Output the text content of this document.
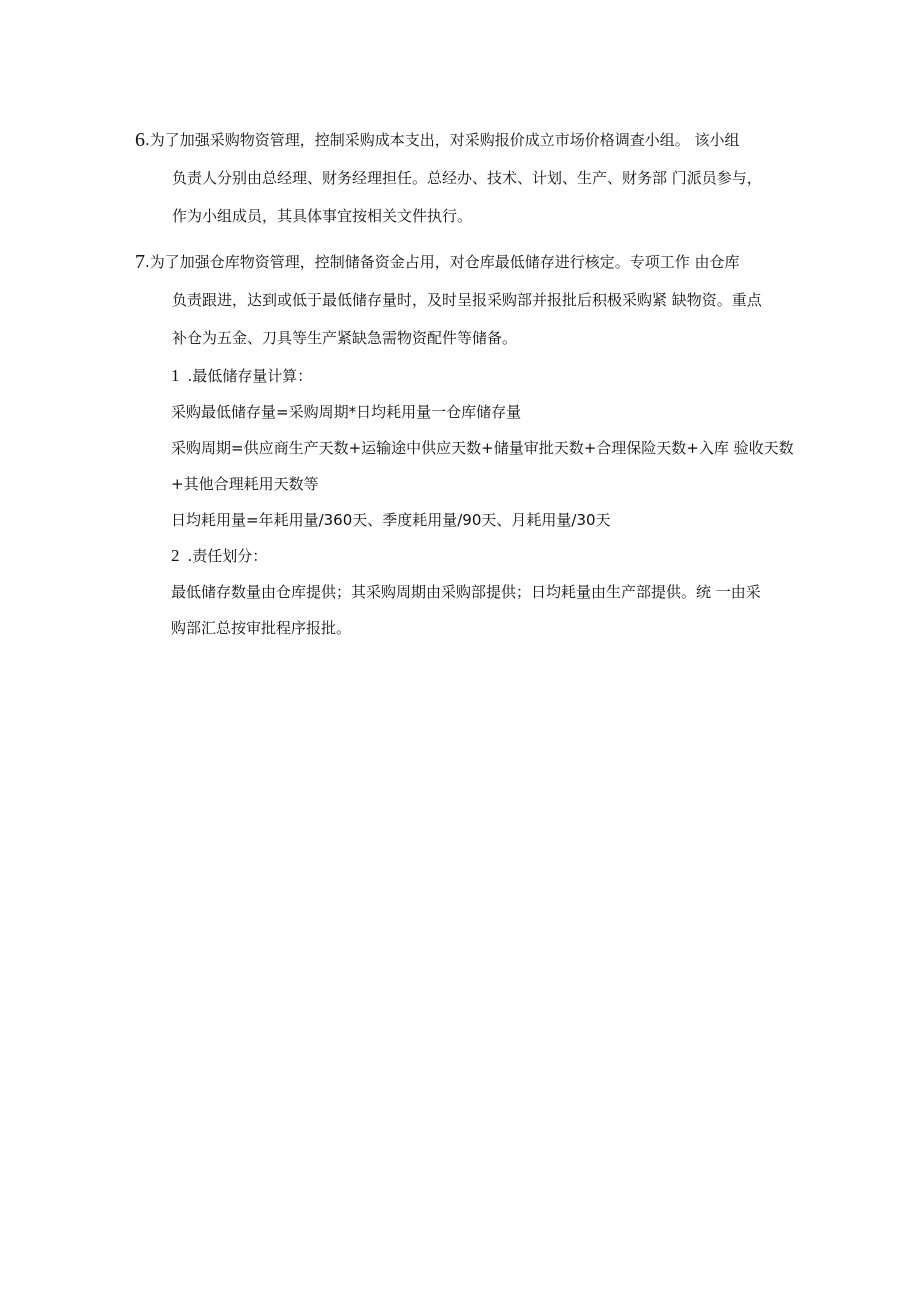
6 .为了加强采购物资管理，控制采购成本支出，对采购报价成立市场价格调查小组。 该小组
负责人分别由总经理、财务经理担任。总经办、技术、计划、生产、财务部 门派员参与，
作为小组成员，其具体事宜按相关文件执行。
7 .为了加强仓库物资管理，控制储备资金占用，对仓库最低储存进行核定。专项工作 由仓库
负责跟进，达到或低于最低储存量时，及时呈报采购部并报批后积极采购紧 缺物资。重点
补仓为五金、刀具等生产紧缺急需物资配件等储备。
1 .最低储存量计算：
采购最低储存量=采购周期*日均耗用量一仓库储存量
采购周期=供应商生产天数+运输途中供应天数+储量审批天数+合理保险天数+入库 验收天数
+其他合理耗用天数等
日均耗用量=年耗用量/360天、季度耗用量/90天、月耗用量/30天
2 .责任划分：
最低储存数量由仓库提供；其采购周期由采购部提供；日均耗量由生产部提供。统 一由采
购部汇总按审批程序报批。
